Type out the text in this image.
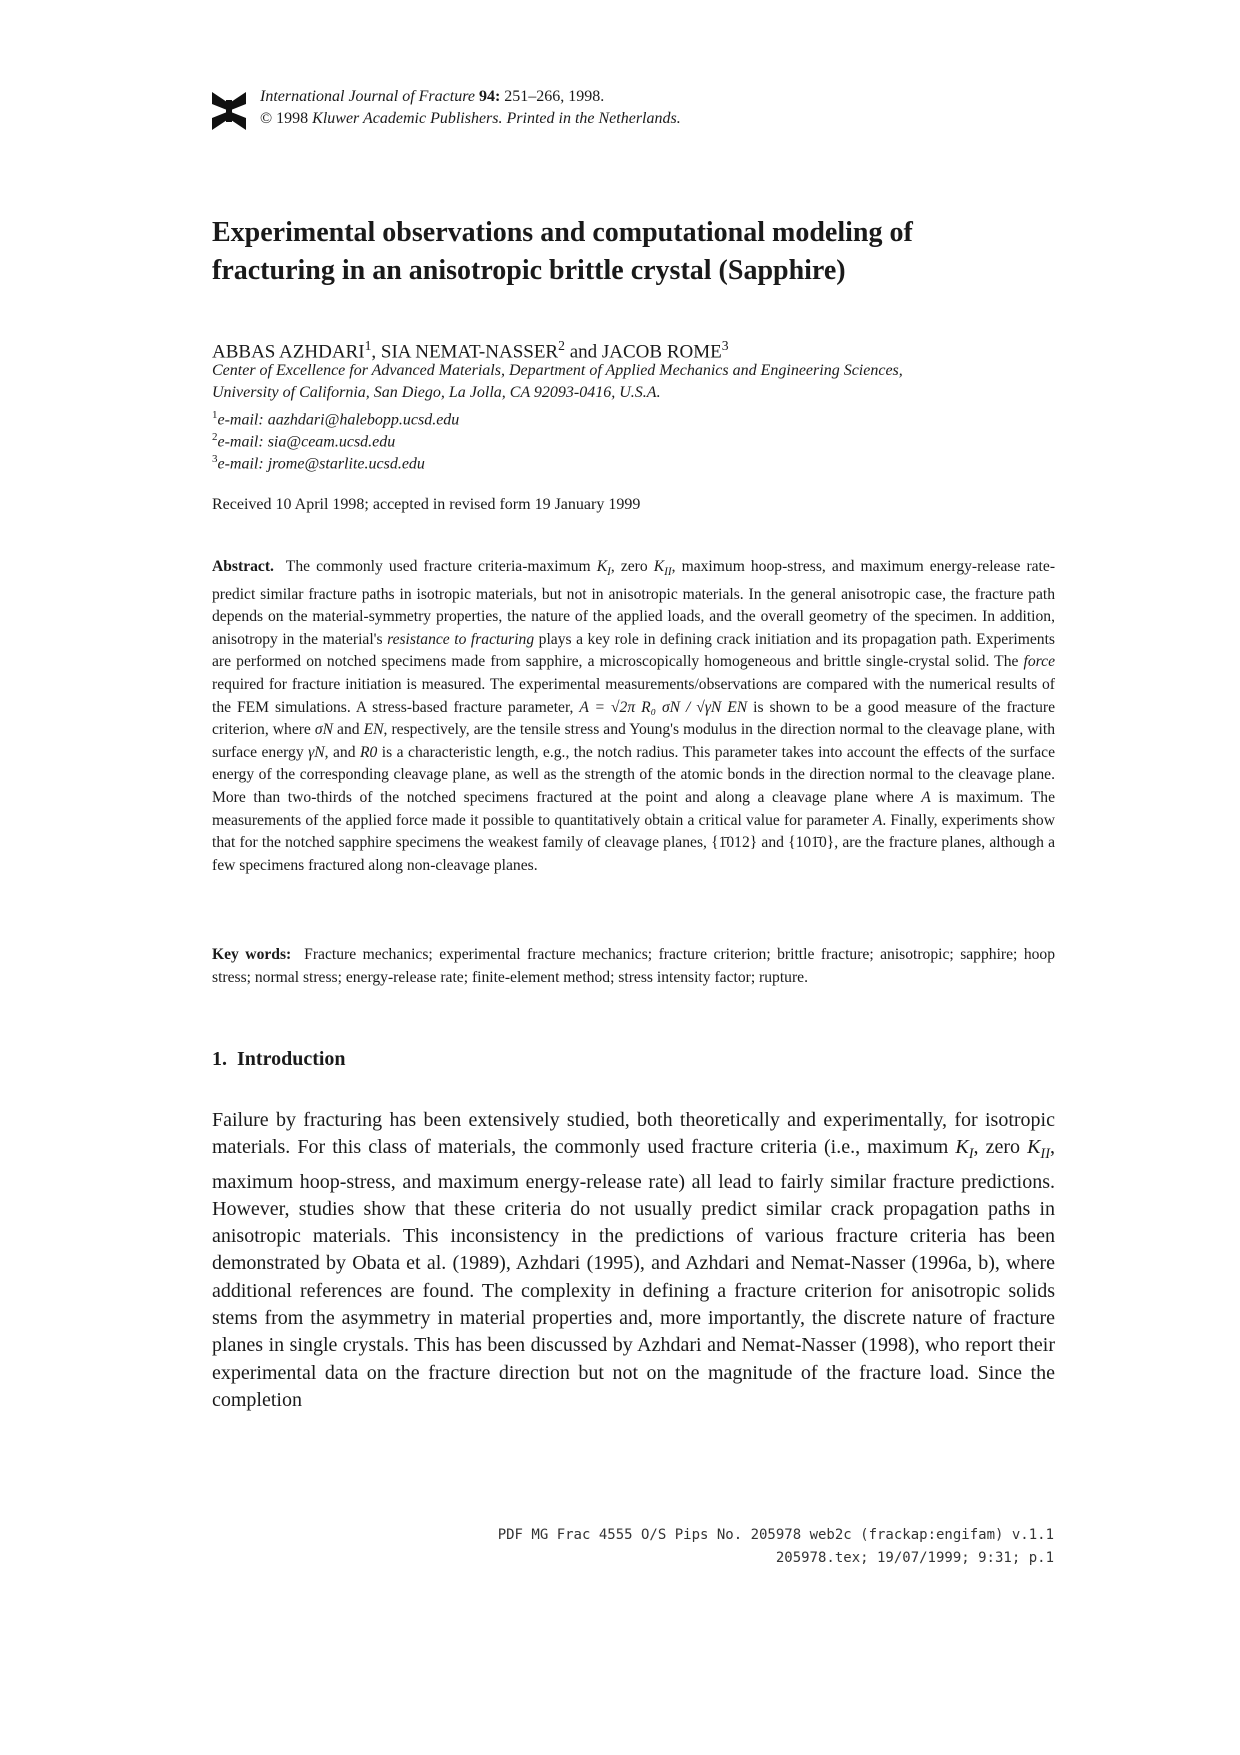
International Journal of Fracture 94: 251–266, 1998.
© 1998 Kluwer Academic Publishers. Printed in the Netherlands.
Experimental observations and computational modeling of
fracturing in an anisotropic brittle crystal (Sapphire)
ABBAS AZHDARI$^1$, SIA NEMAT-NASSER$^2$ and JACOB ROME$^3$
Center of Excellence for Advanced Materials, Department of Applied Mechanics and Engineering Sciences,
University of California, San Diego, La Jolla, CA 92093-0416, U.S.A.
$^1$e-mail: aazhdari@halebopp.ucsd.edu
$^2$e-mail: sia@ceam.ucsd.edu
$^3$e-mail: jrome@starlite.ucsd.edu
Received 10 April 1998; accepted in revised form 19 January 1999

Abstract. The commonly used fracture criteria-maximum $K_I$, zero $K_{II}$, maximum hoop-stress, and maximum energy-release rate-predict similar fracture paths in isotropic materials, but not in anisotropic materials. In the general anisotropic case, the fracture path depends on the material-symmetry properties, the nature of the applied loads, and the overall geometry of the specimen. In addition, anisotropy in the material's resistance to fracturing plays a key role in defining crack initiation and its propagation path. Experiments are performed on notched specimens made from sapphire, a microscopically homogeneous and brittle single-crystal solid. The force required for fracture initiation is measured. The experimental measurements/observations are compared with the numerical results of the FEM simulations. A stress-based fracture parameter, A = √2π R₀ σN / √γN EN is shown to be a good measure of the fracture criterion, where σN and EN, respectively, are the tensile stress and Young's modulus in the direction normal to the cleavage plane, with surface energy γN, and R0 is a characteristic length, e.g., the notch radius. This parameter takes into account the effects of the surface energy of the corresponding cleavage plane, as well as the strength of the atomic bonds in the direction normal to the cleavage plane. More than two-thirds of the notched specimens fractured at the point and along a cleavage plane where A is maximum. The measurements of the applied force made it possible to quantitatively obtain a critical value for parameter A. Finally, experiments show that for the notched sapphire specimens the weakest family of cleavage planes, {1̄012} and {101̄0}, are the fracture planes, although a few specimens fractured along non-cleavage planes.

Key words: Fracture mechanics; experimental fracture mechanics; fracture criterion; brittle fracture; anisotropic; sapphire; hoop stress; normal stress; energy-release rate; finite-element method; stress intensity factor; rupture.

1. Introduction

Failure by fracturing has been extensively studied, both theoretically and experimentally, for isotropic materials. For this class of materials, the commonly used fracture criteria (i.e., maximum $K_I$, zero $K_{II}$, maximum hoop-stress, and maximum energy-release rate) all lead to fairly similar fracture predictions. However, studies show that these criteria do not usually predict similar crack propagation paths in anisotropic materials. This inconsistency in the predictions of various fracture criteria has been demonstrated by Obata et al. (1989), Azhdari (1995), and Azhdari and Nemat-Nasser (1996a, b), where additional references are found. The complexity in defining a fracture criterion for anisotropic solids stems from the asymmetry in material properties and, more importantly, the discrete nature of fracture planes in single crystals. This has been discussed by Azhdari and Nemat-Nasser (1998), who report their experimental data on the fracture direction but not on the magnitude of the fracture load. Since the completion

PDF MG Frac 4555 O/S Pips No. 205978 web2c (frackap:engifam) v.1.1
205978.tex; 19/07/1999; 9:31; p.1
